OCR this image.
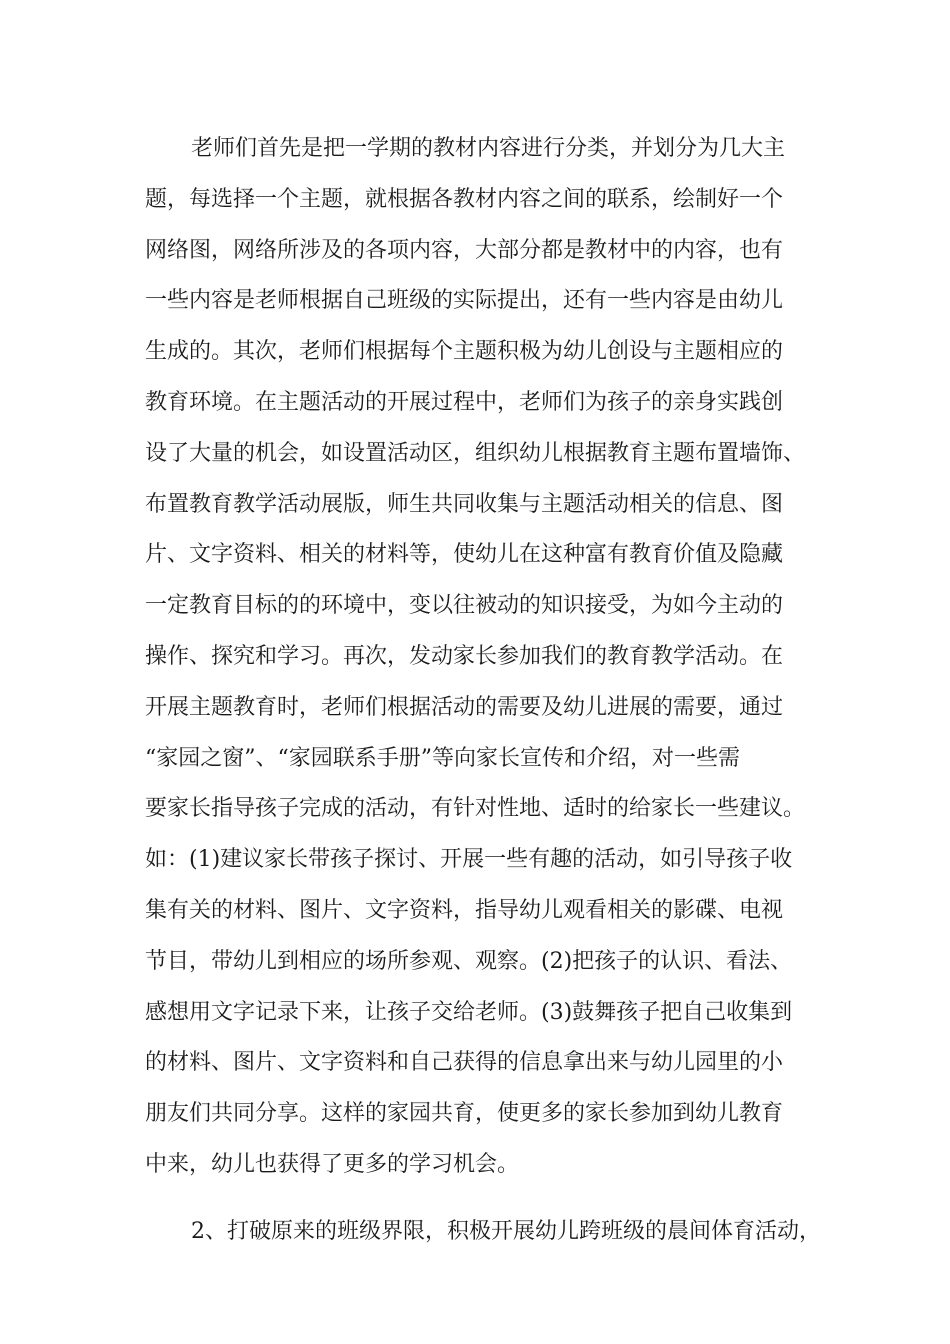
老师们首先是把一学期的教材内容进行分类，并划分为几大主
题，每选择一个主题，就根据各教材内容之间的联系，绘制好一个
网络图，网络所涉及的各项内容，大部分都是教材中的内容，也有
一些内容是老师根据自己班级的实际提出，还有一些内容是由幼儿
生成的。其次，老师们根据每个主题积极为幼儿创设与主题相应的
教育环境。在主题活动的开展过程中，老师们为孩子的亲身实践创
设了大量的机会，如设置活动区，组织幼儿根据教育主题布置墙饰、
布置教育教学活动展版，师生共同收集与主题活动相关的信息、图
片、文字资料、相关的材料等，使幼儿在这种富有教育价值及隐藏
一定教育目标的的环境中，变以往被动的知识接受，为如今主动的
操作、探究和学习。再次，发动家长参加我们的教育教学活动。在
开展主题教育时，老师们根据活动的需要及幼儿进展的需要，通过
“家园之窗”、“家园联系手册”等向家长宣传和介绍，对一些需
要家长指导孩子完成的活动，有针对性地、适时的给家长一些建议。
如：(1)建议家长带孩子探讨、开展一些有趣的活动，如引导孩子收
集有关的材料、图片、文字资料，指导幼儿观看相关的影碟、电视
节目，带幼儿到相应的场所参观、观察。(2)把孩子的认识、看法、
感想用文字记录下来，让孩子交给老师。(3)鼓舞孩子把自己收集到
的材料、图片、文字资料和自己获得的信息拿出来与幼儿园里的小
朋友们共同分享。这样的家园共育，使更多的家长参加到幼儿教育
中来，幼儿也获得了更多的学习机会。
2、打破原来的班级界限，积极开展幼儿跨班级的晨间体育活动，
